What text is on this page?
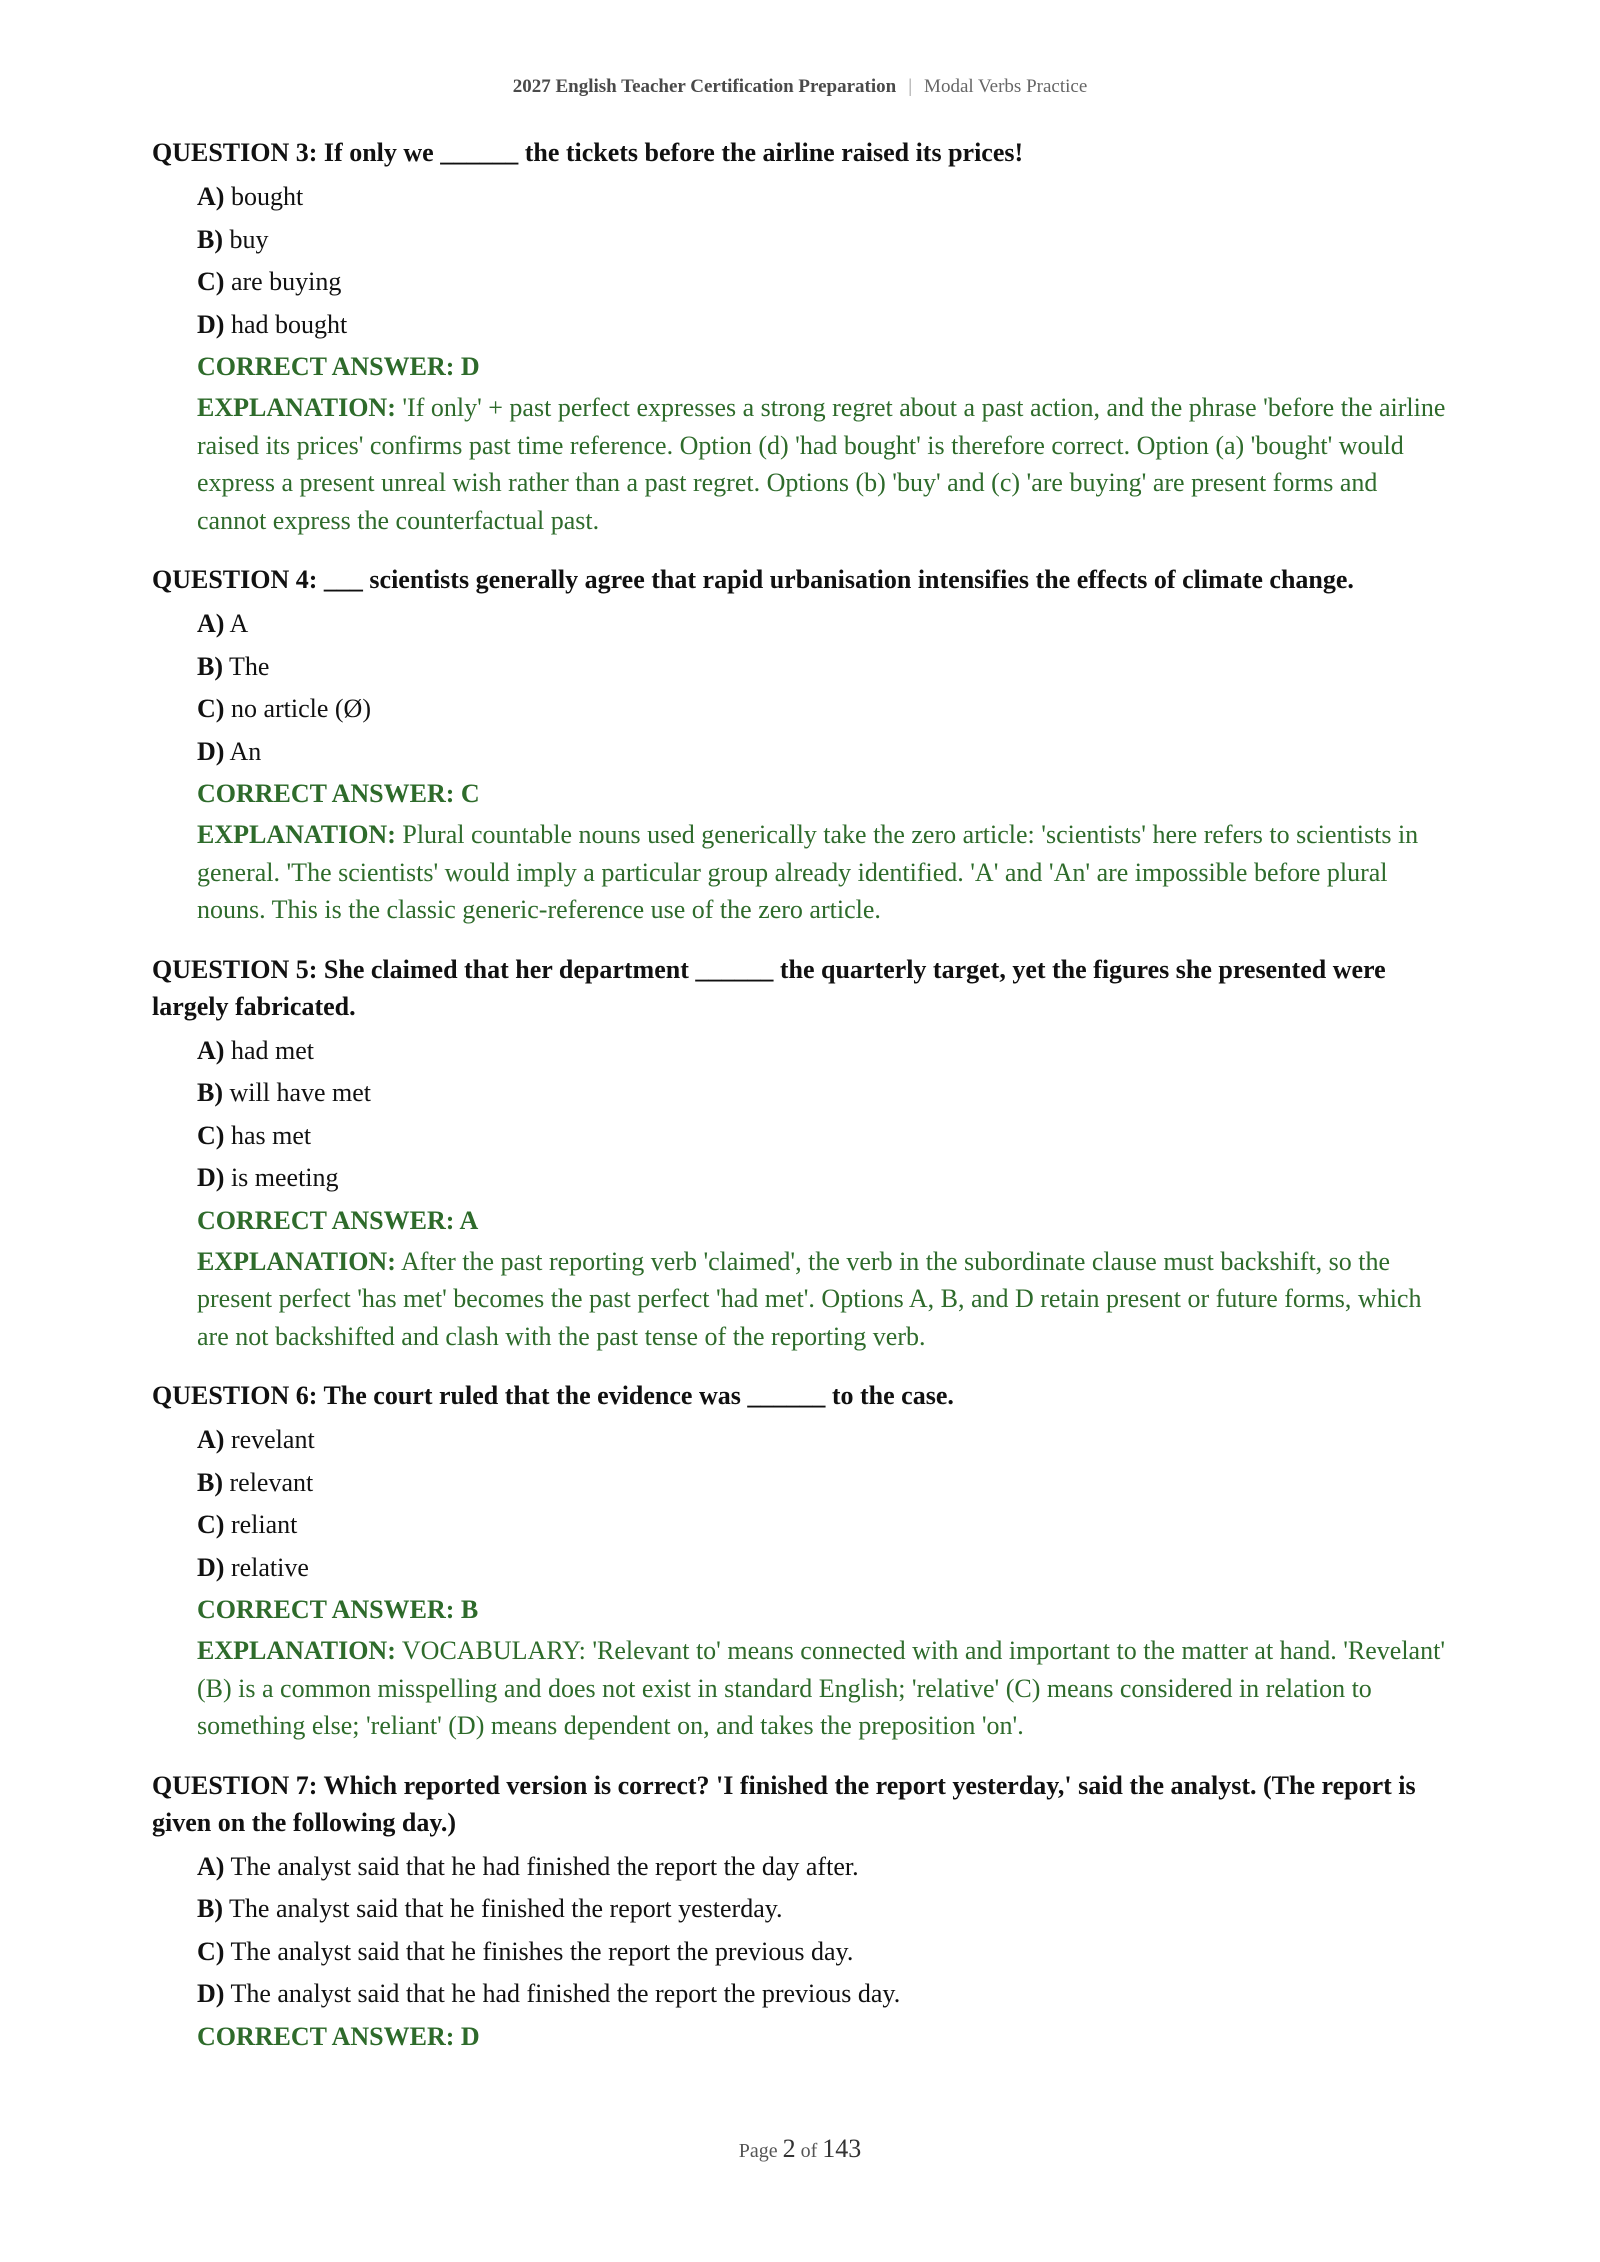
2027 English Teacher Certification Preparation | Modal Verbs Practice
QUESTION 3: If only we ______ the tickets before the airline raised its prices!
A) bought
B) buy
C) are buying
D) had bought
CORRECT ANSWER: D
EXPLANATION: 'If only' + past perfect expresses a strong regret about a past action, and the phrase 'before the airline raised its prices' confirms past time reference. Option (d) 'had bought' is therefore correct. Option (a) 'bought' would express a present unreal wish rather than a past regret. Options (b) 'buy' and (c) 'are buying' are present forms and cannot express the counterfactual past.
QUESTION 4: ___ scientists generally agree that rapid urbanisation intensifies the effects of climate change.
A) A
B) The
C) no article (Ø)
D) An
CORRECT ANSWER: C
EXPLANATION: Plural countable nouns used generically take the zero article: 'scientists' here refers to scientists in general. 'The scientists' would imply a particular group already identified. 'A' and 'An' are impossible before plural nouns. This is the classic generic-reference use of the zero article.
QUESTION 5: She claimed that her department ______ the quarterly target, yet the figures she presented were largely fabricated.
A) had met
B) will have met
C) has met
D) is meeting
CORRECT ANSWER: A
EXPLANATION: After the past reporting verb 'claimed', the verb in the subordinate clause must backshift, so the present perfect 'has met' becomes the past perfect 'had met'. Options A, B, and D retain present or future forms, which are not backshifted and clash with the past tense of the reporting verb.
QUESTION 6: The court ruled that the evidence was ______ to the case.
A) revelant
B) relevant
C) reliant
D) relative
CORRECT ANSWER: B
EXPLANATION: VOCABULARY: 'Relevant to' means connected with and important to the matter at hand. 'Revelant' (B) is a common misspelling and does not exist in standard English; 'relative' (C) means considered in relation to something else; 'reliant' (D) means dependent on, and takes the preposition 'on'.
QUESTION 7: Which reported version is correct? 'I finished the report yesterday,' said the analyst. (The report is given on the following day.)
A) The analyst said that he had finished the report the day after.
B) The analyst said that he finished the report yesterday.
C) The analyst said that he finishes the report the previous day.
D) The analyst said that he had finished the report the previous day.
CORRECT ANSWER: D
Page 2 of 143
